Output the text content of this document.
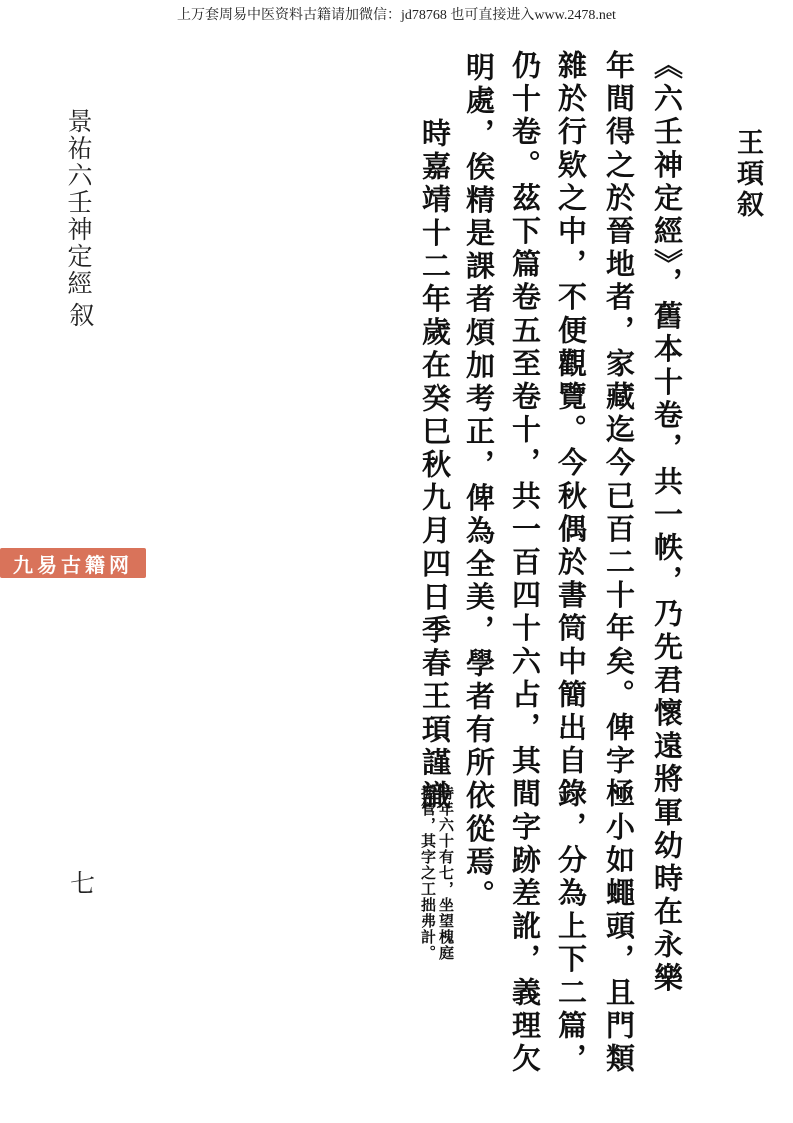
上万套周易中医资料古籍请加微信：jd78768 也可直接进入www.2478.net

王頊叙

《六壬神定經》，舊本十卷，共一帙，乃先君懷遠將軍幼時在永樂

年間得之於晉地者，家藏迄今已百二十年矣。俾字極小如蠅頭，且門類

雜於行欵之中，不便觀覽。今秋偶於書筒中簡出自錄，分為上下二篇，

仍十卷。茲下篇卷五至卷十，共一百四十六占，其間字跡差訛，義理欠

明處，俟精是課者煩加考正，俾為全美，學者有所依從焉。

時嘉靖十二年歲在癸巳秋九月四日季春王頊謹識

時年六十有七，坐望槐庭

握管，其字之工拙弗計。

景祐六壬神定經

叙

七

九易古籍网
